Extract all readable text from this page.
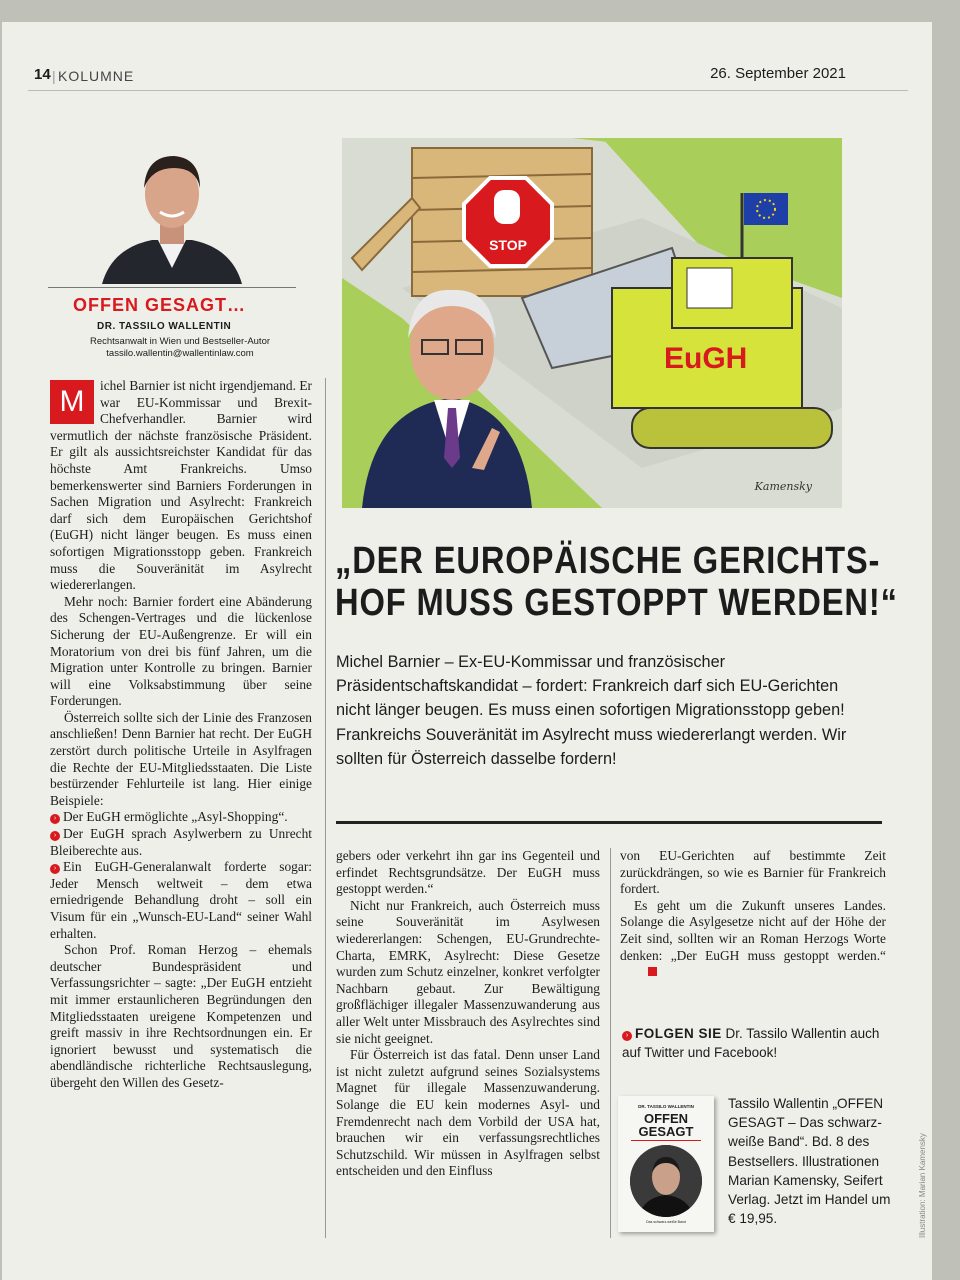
14 | KOLUMNE	26. September 2021
OFFEN GESAGT…
DR. TASSILO WALLENTIN
Rechtsanwalt in Wien und Bestseller-Autor
tassilo.wallentin@wallentinlaw.com
STOP
EuGH
Kamensky
„DER EUROPÄISCHE GERICHTS-
HOF MUSS GESTOPPT WERDEN!“
Michel Barnier – Ex-EU-Kommissar und französischer Präsidentschaftskandidat – fordert: Frankreich darf sich EU-Gerichten nicht länger beugen. Es muss einen sofortigen Migrationsstopp geben! Frankreichs Souveränität im Asylrecht muss wiedererlangt werden. Wir sollten für Österreich dasselbe fordern!

M	ichel Barnier ist nicht irgendjemand. Er war EU-Kommissar und Brexit-Chefverhandler. Barnier wird vermutlich der nächste französische Präsident. Er gilt als aussichtsreichster Kandidat für das höchste Amt Frankreichs. Umso bemerkenswerter sind Barniers Forderungen in Sachen Migration und Asylrecht: Frankreich darf sich dem Europäischen Gerichtshof (EuGH) nicht länger beugen. Es muss einen sofortigen Migrationsstopp geben. Frankreich muss die Souveränität im Asylrecht wiedererlangen.

Mehr noch: Barnier fordert eine Abänderung des Schengen-Vertrages und die lückenlose Sicherung der EU-Außengrenze. Er will ein Moratorium von drei bis fünf Jahren, um die Migration unter Kontrolle zu bringen. Barnier will eine Volksabstimmung über seine Forderungen.

Österreich sollte sich der Linie des Franzosen anschließen! Denn Barnier hat recht. Der EuGH zerstört durch politische Urteile in Asylfragen die Rechte der EU-Mitgliedsstaaten. Die Liste bestürzender Fehlurteile ist lang. Hier einige Beispiele:

› Der EuGH ermöglichte „Asyl-Shopping“.

› Der EuGH sprach Asylwerbern zu Unrecht Bleiberechte aus.

› Ein EuGH-Generalanwalt forderte sogar: Jeder Mensch weltweit – dem etwa erniedrigende Behandlung droht – soll ein Visum für ein „Wunsch-EU-Land“ seiner Wahl erhalten.

Schon Prof. Roman Herzog – ehemals deutscher Bundespräsident und Verfassungsrichter – sagte: „Der EuGH entzieht mit immer erstaunlicheren Begründungen den Mitgliedsstaaten ureigene Kompetenzen und greift massiv in ihre Rechtsordnungen ein. Er ignoriert bewusst und systematisch die abendländische richterliche Rechtsauslegung, übergeht den Willen des Gesetz-

gebers oder verkehrt ihn gar ins Gegenteil und erfindet Rechtsgrundsätze. Der EuGH muss gestoppt werden.“

Nicht nur Frankreich, auch Österreich muss seine Souveränität im Asylwesen wiedererlangen: Schengen, EU-Grundrechte-Charta, EMRK, Asylrecht: Diese Gesetze wurden zum Schutz einzelner, konkret verfolgter Nachbarn gebaut. Zur Bewältigung großflächiger illegaler Massenzuwanderung aus aller Welt unter Missbrauch des Asylrechtes sind sie nicht geeignet.

Für Österreich ist das fatal. Denn unser Land ist nicht zuletzt aufgrund seines Sozialsystems Magnet für illegale Massenzuwanderung. Solange die EU kein modernes Asyl- und Fremdenrecht nach dem Vorbild der USA hat, brauchen wir ein verfassungsrechtliches Schutzschild. Wir müssen in Asylfragen selbst entscheiden und den Einfluss

von EU-Gerichten auf bestimmte Zeit zurückdrängen, so wie es Barnier für Frankreich fordert.

Es geht um die Zukunft unseres Landes. Solange die Asylgesetze nicht auf der Höhe der Zeit sind, sollten wir an Roman Herzogs Worte denken: „Der EuGH muss gestoppt werden.“

› FOLGEN SIE Dr. Tassilo Wallentin auch auf Twitter und Facebook!
DR. TASSILO WALLENTIN
OFFEN
GESAGT
Das schwarz-weiße Band
Tassilo Wallentin „OFFEN GESAGT – Das schwarz-weiße Band“. Bd. 8 des Bestsellers. Illustrationen Marian Kamensky, Seifert Verlag. Jetzt im Handel um € 19,95.	Illustration: Marian Kamensky
